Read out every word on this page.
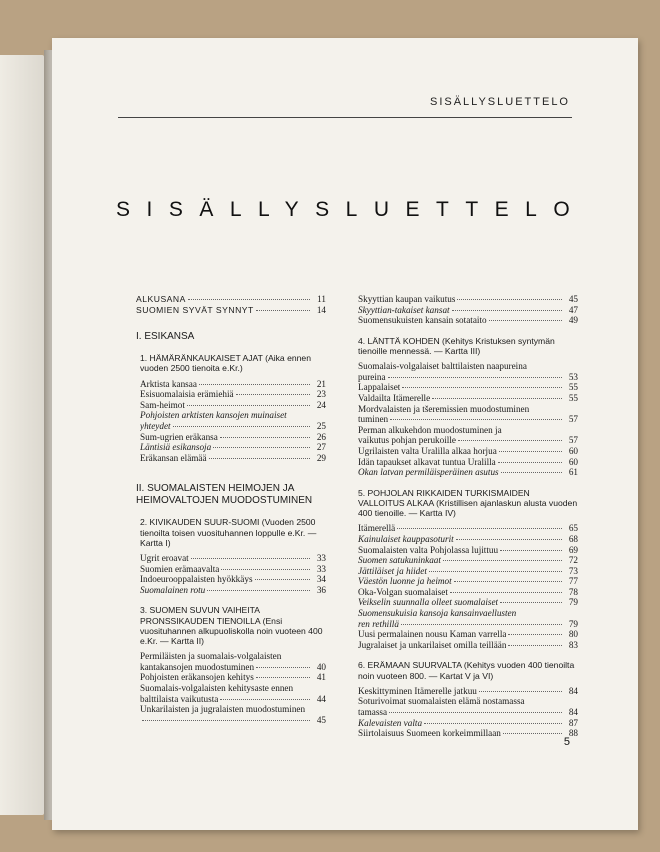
SISÄLLYSLUETTELO
SISÄLLYSLUETTELO
ALKUSANA	11
SUOMIEN SYVÄT SYNNYT	14
I. ESIKANSA
1. HÄMÄRÄNKAUKAISET AJAT (Aika ennen vuoden 2500 tienoita e.Kr.)
Arktista kansaa	21
Esisuomalaisia erämiehiä	23
Sam-heimot	24
Pohjoisten arktisten kansojen muinaiset
yhteydet	25
Sum-ugrien eräkansa	26
Läntisiä esikansoja	27
Eräkansan elämää	29
II. SUOMALAISTEN HEIMOJEN JA HEIMOVALTOJEN MUODOSTUMINEN
2. KIVIKAUDEN SUUR-SUOMI (Vuoden 2500 tienoilta toisen vuosituhannen loppulle e.Kr. — Kartta I)
Ugrit eroavat	33
Suomien erämaavalta	33
Indoeurooppalaisten hyökkäys	34
Suomalainen rotu	36
3. SUOMEN SUVUN VAIHEITA PRONSSIKAUDEN TIENOILLA (Ensi vuosituhannen alkupuoliskolla noin vuoteen 400 e.Kr. — Kartta II)
Permiläisten ja suomalais-volgalaisten
kantakansojen muodostuminen	40
Pohjoisten eräkansojen kehitys	41
Suomalais-volgalaisten kehitysaste ennen
balttilaista vaikutusta	44
Unkarilaisten ja jugralaisten muodostuminen
45
Skyyttian kaupan vaikutus	45
Skyyttian-takaiset kansat	47
Suomensukuisten kansain sotataito	49
4. LÄNTTÄ KOHDEN (Kehitys Kristuksen syntymän tienoille mennessä. — Kartta III)
Suomalais-volgalaiset balttilaisten naapureina
pureina	53
Lappalaiset	55
Valdailta Itämerelle	55
Mordvalaisten ja tšeremissien muodostuminen
tuminen	57
Perman alkukehdon muodostuminen ja
vaikutus pohjan perukoille	57
Ugrilaisten valta Uralilla alkaa horjua	60
Idän tapaukset alkavat tuntua Uralilla	60
Okan latvan permiläisperäinen asutus	61
5. POHJOLAN RIKKAIDEN TURKISMAIDEN VALLOITUS ALKAA (Kristillisen ajanlaskun alusta vuoden 400 tienoille. — Kartta IV)
Itämerellä	65
Kainulaiset kauppasoturit	68
Suomalaisten valta Pohjolassa lujittuu	69
Suomen satukuninkaat	72
Jättiläiset ja hiidet	73
Väestön luonne ja heimot	77
Oka-Volgan suomalaiset	78
Veikselin suunnalla olleet suomalaiset	79
Suomensukuisia kansoja kansainvaellusten
ren rethillä	79
Uusi permalainen nousu Kaman varrella	80
Jugralaiset ja unkarilaiset omilla teillään	83
6. ERÄMAAN SUURVALTA (Kehitys vuoden 400 tienoilta noin vuoteen 800. — Kartat V ja VI)
Keskittyminen Itämerelle jatkuu	84
Soturivoimat suomalaisten elämä nostamassa
tamassa	84
Kalevaisten valta	87
Siirtolaisuus Suomeen korkeimmillaan	88
5
